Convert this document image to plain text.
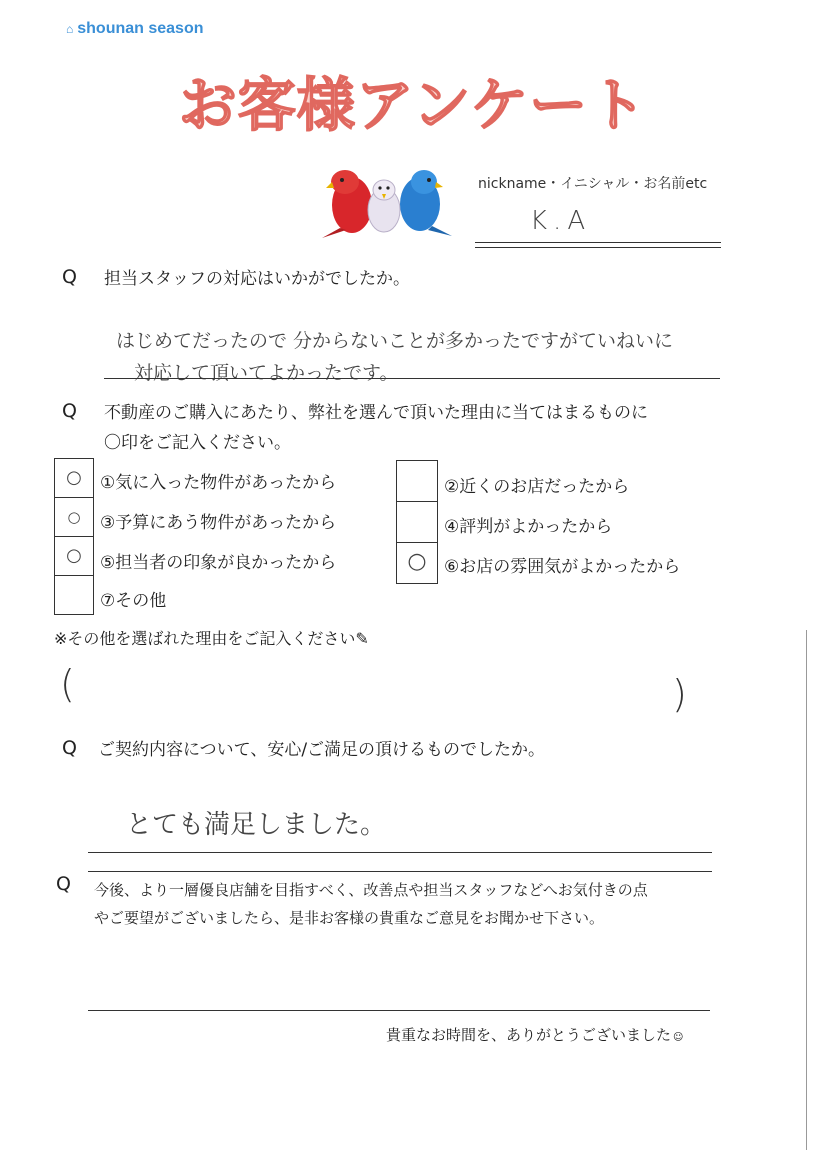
⌂ shounan season
お客様アンケート
nickname・イニシャル・お名前etc
K.A
Q 担当スタッフの対応はいかがでしたか。
はじめてだったので 分からないことが多かったですがていねいに
対応して頂いてよかったです。
Q 不動産のご購入にあたり、弊社を選んで頂いた理由に当てはまるものに
〇印をご記入ください。
○
○
○
①気に入った物件があったから
③予算にあう物件があったから
⑤担当者の印象が良かったから
⑦その他
○
②近くのお店だったから
④評判がよかったから
⑥お店の雰囲気がよかったから
※その他を選ばれた理由をご記入ください✎
(	)
Q ご契約内容について、安心/ご満足の頂けるものでしたか。
とても満足しました。
Q 今後、より一層優良店舗を目指すべく、改善点や担当スタッフなどへお気付きの点
やご要望がございましたら、是非お客様の貴重なご意見をお聞かせ下さい。
貴重なお時間を、ありがとうございました ☺
